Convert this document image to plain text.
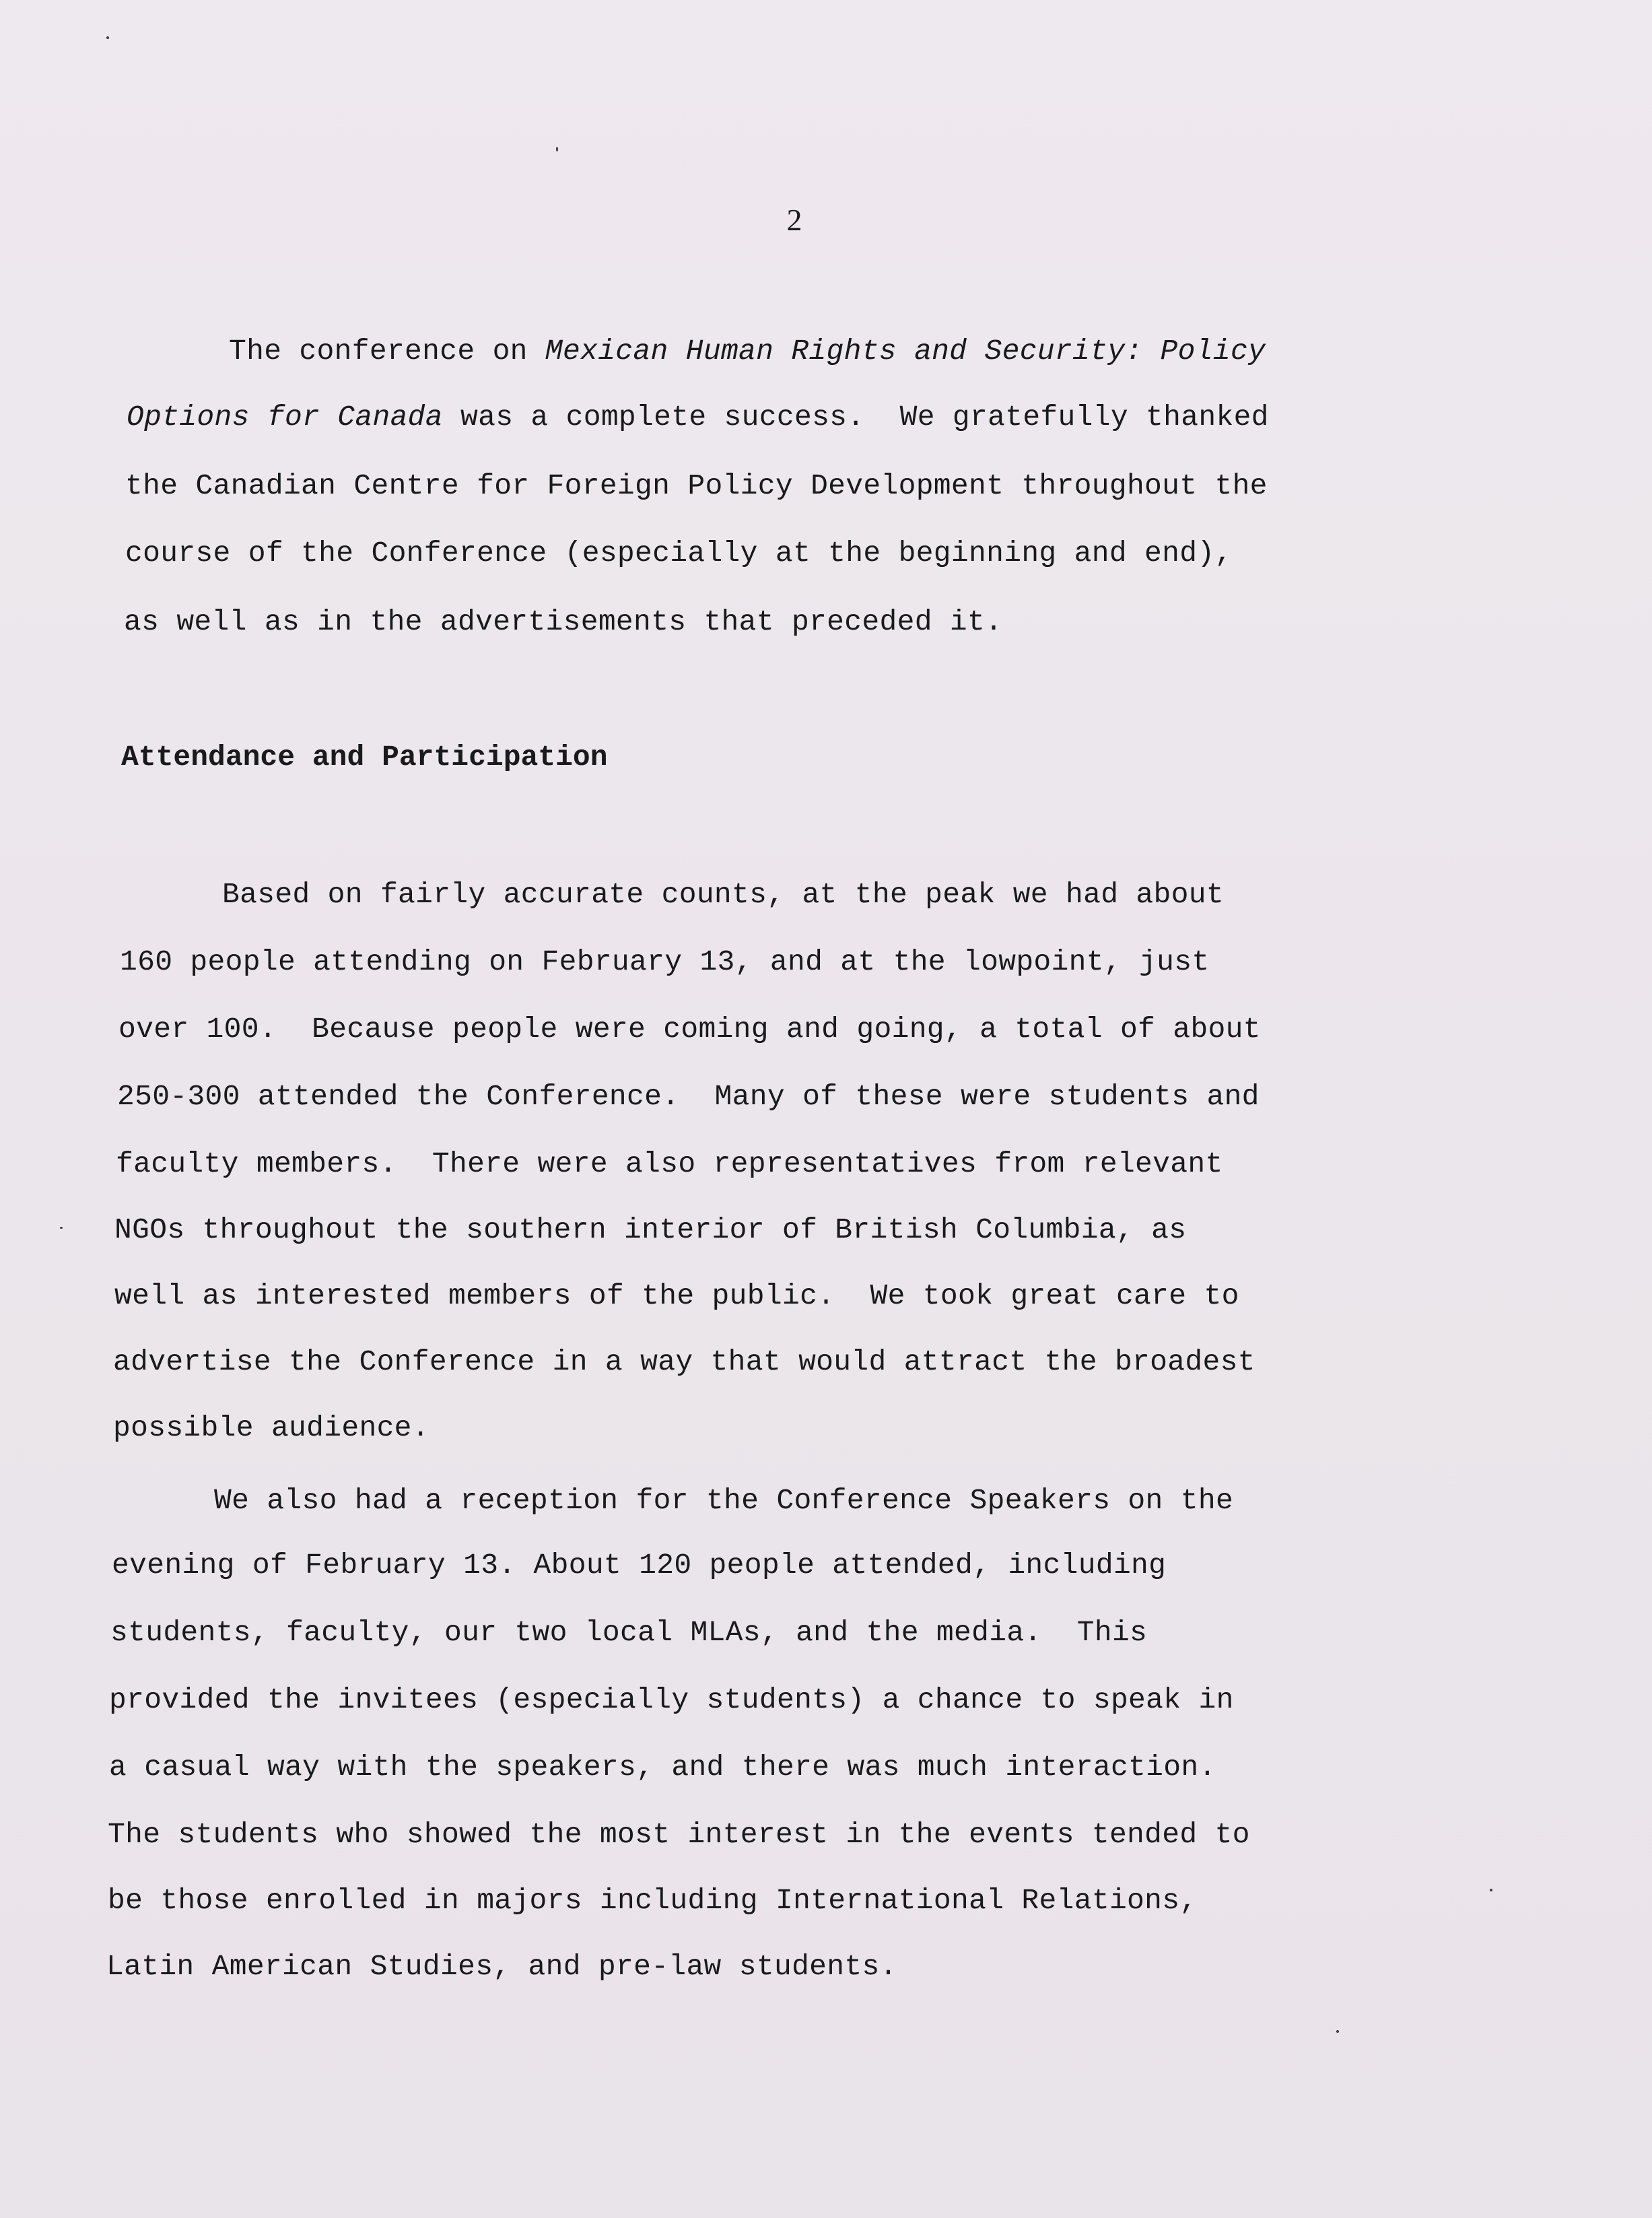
2
The conference on Mexican Human Rights and Security: Policy
Options for Canada was a complete success.  We gratefully thanked
the Canadian Centre for Foreign Policy Development throughout the
course of the Conference (especially at the beginning and end),
as well as in the advertisements that preceded it.
Attendance and Participation
Based on fairly accurate counts, at the peak we had about
160 people attending on February 13, and at the lowpoint, just
over 100.  Because people were coming and going, a total of about
250-300 attended the Conference.  Many of these were students and
faculty members.  There were also representatives from relevant
NGOs throughout the southern interior of British Columbia, as
well as interested members of the public.  We took great care to
advertise the Conference in a way that would attract the broadest
possible audience.
We also had a reception for the Conference Speakers on the
evening of February 13. About 120 people attended, including
students, faculty, our two local MLAs, and the media.  This
provided the invitees (especially students) a chance to speak in
a casual way with the speakers, and there was much interaction.
The students who showed the most interest in the events tended to
be those enrolled in majors including International Relations,
Latin American Studies, and pre-law students.
